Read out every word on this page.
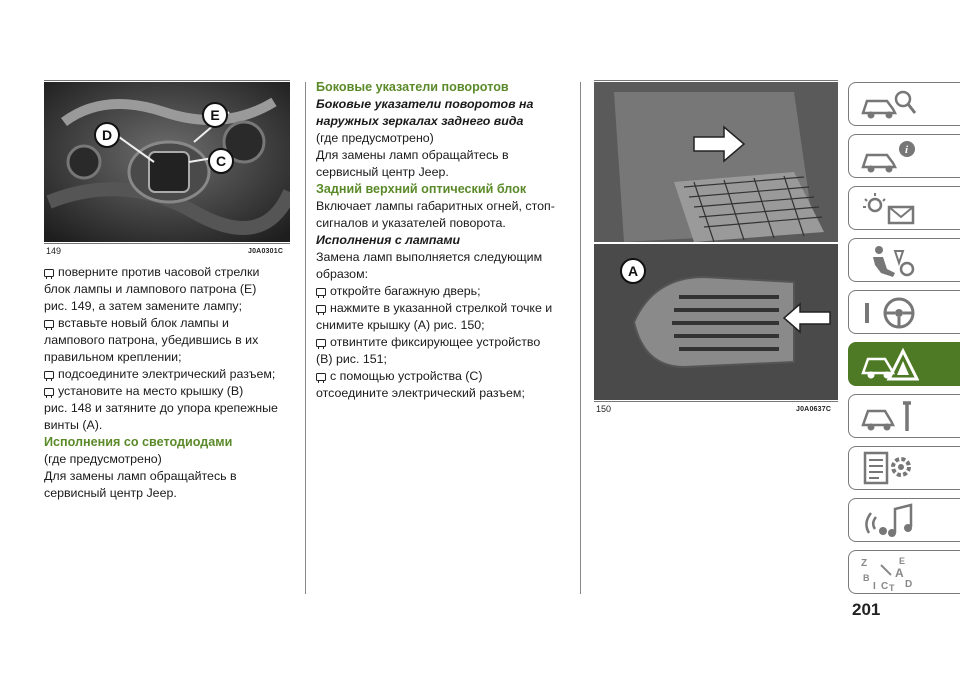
D
E
C
149	J0A0301C

поверните против часовой стрелки

блок лампы и лампового патрона (E)

рис. 149, а затем замените лампу;

вставьте новый блок лампы и

лампового патрона, убедившись в их

правильном креплении;

подсоедините электрический разъем;

установите на место крышку (B)

рис. 148 и затяните до упора крепежные

винты (A).

Исполнения со светодиодами

(где предусмотрено)

Для замены ламп обращайтесь в

сервисный центр Jeep.

Боковые указатели поворотов

Боковые указатели поворотов на

наружных зеркалах заднего вида

(где предусмотрено)

Для замены ламп обращайтесь в

сервисный центр Jeep.

Задний верхний оптический блок

Включает лампы габаритных огней, стоп-

сигналов и указателей поворота.

Исполнения с лампами

Замена ламп выполняется следующим

образом:

откройте багажную дверь;

нажмите в указанной стрелкой точке и

снимите крышку (A) рис. 150;

отвинтите фиксирующее устройство

(B) рис. 151;

с помощью устройства (C)

отсоедините электрический разъем;

A
150	J0A0637C
i
Z	E
B A
I C T D
201
